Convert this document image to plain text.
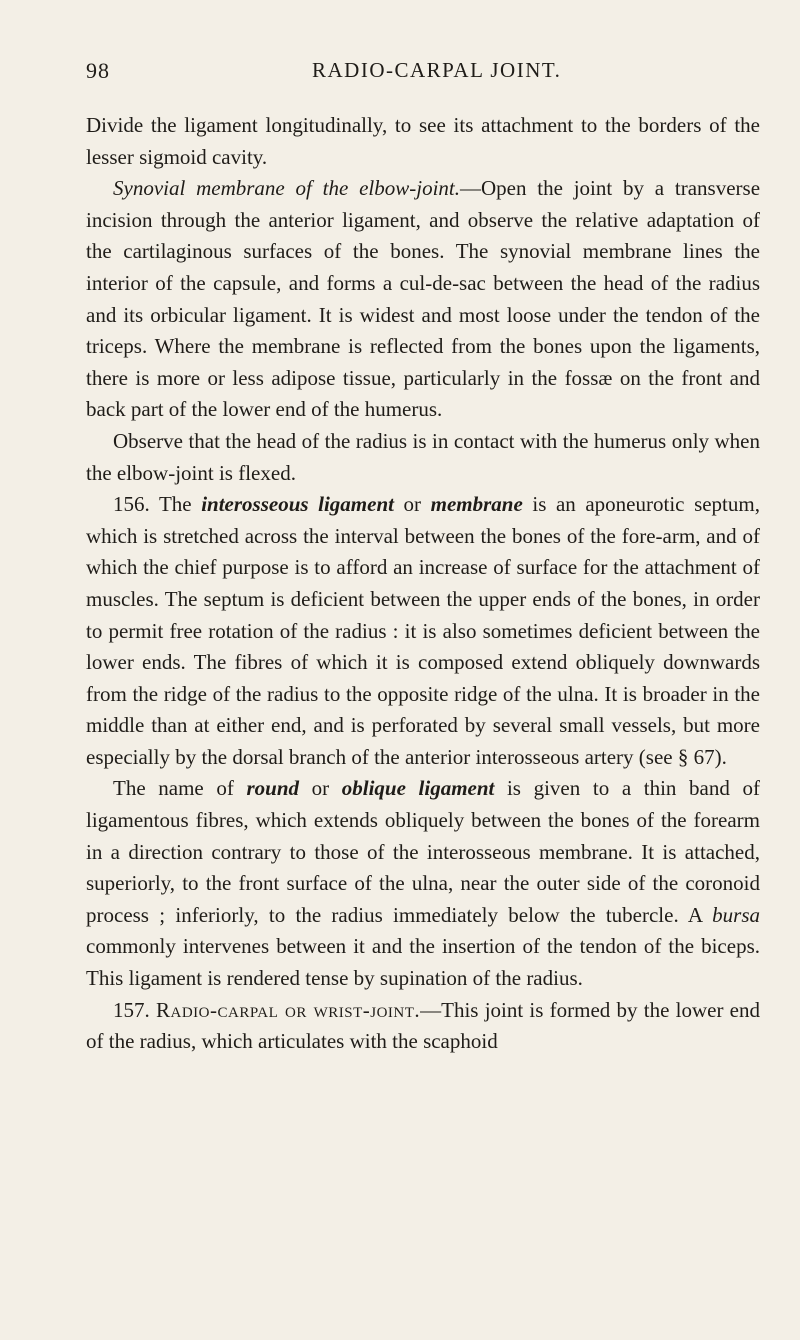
98	RADIO-CARPAL JOINT.

Divide the ligament longitudinally, to see its attachment to the borders of the lesser sigmoid cavity.

Synovial membrane of the elbow-joint.—Open the joint by a transverse incision through the anterior ligament, and observe the relative adaptation of the cartilaginous surfaces of the bones. The synovial membrane lines the interior of the capsule, and forms a cul-de-sac between the head of the radius and its orbicular ligament. It is widest and most loose under the tendon of the triceps. Where the membrane is reflected from the bones upon the ligaments, there is more or less adipose tissue, particularly in the fossæ on the front and back part of the lower end of the humerus.

Observe that the head of the radius is in contact with the humerus only when the elbow-joint is flexed.

156. The interosseous ligament or membrane is an aponeurotic septum, which is stretched across the interval between the bones of the fore-arm, and of which the chief purpose is to afford an increase of surface for the attachment of muscles. The septum is deficient between the upper ends of the bones, in order to permit free rotation of the radius : it is also sometimes deficient between the lower ends. The fibres of which it is composed extend obliquely downwards from the ridge of the radius to the opposite ridge of the ulna. It is broader in the middle than at either end, and is perforated by several small vessels, but more especially by the dorsal branch of the anterior interosseous artery (see § 67).

The name of round or oblique ligament is given to a thin band of ligamentous fibres, which extends obliquely between the bones of the forearm in a direction contrary to those of the interosseous membrane. It is attached, superiorly, to the front surface of the ulna, near the outer side of the coronoid process ; inferiorly, to the radius immediately below the tubercle. A bursa commonly intervenes between it and the insertion of the tendon of the biceps. This ligament is rendered tense by supination of the radius.

157. Radio-carpal or wrist-joint.—This joint is formed by the lower end of the radius, which articulates with the scaphoid
